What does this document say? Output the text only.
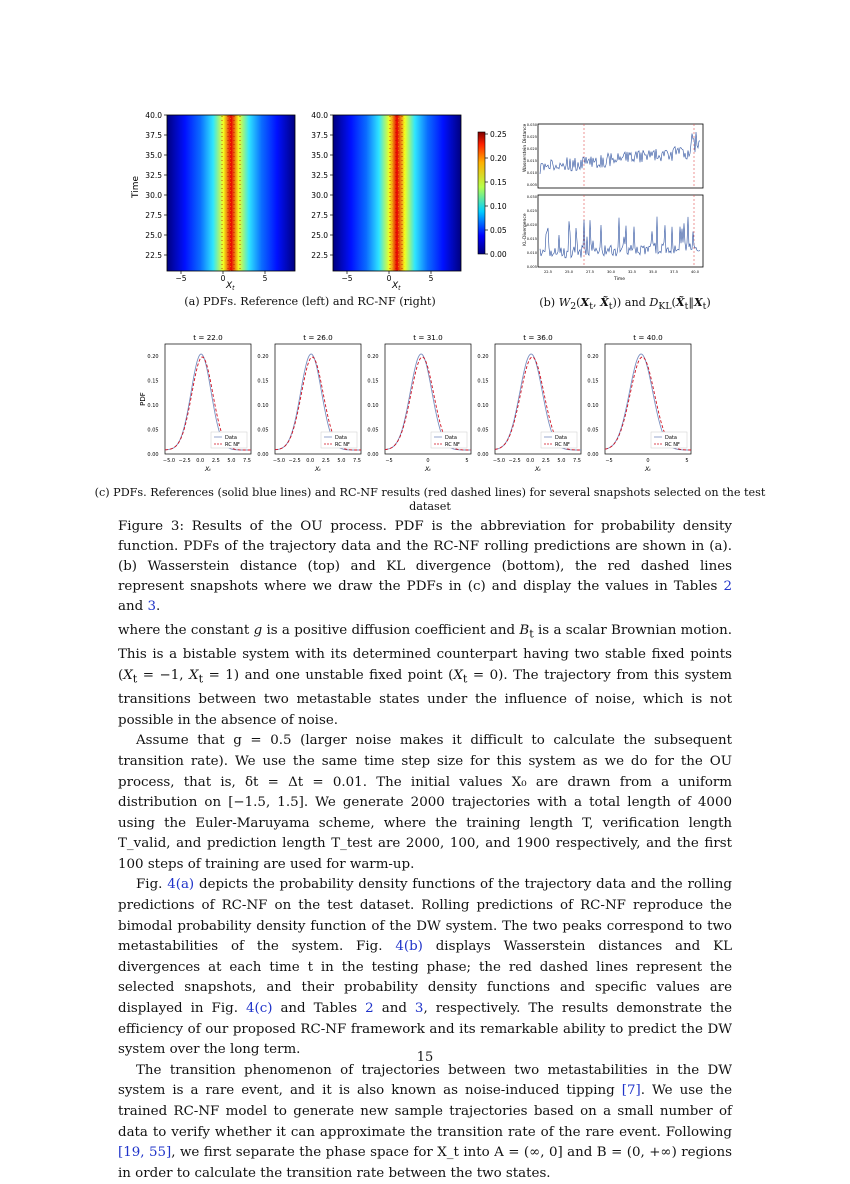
40.0
37.5
35.0
32.5
30.0
27.5
25.0
22.5
−5	0	5
40.0
37.5
35.0
32.5
30.0
27.5
25.0
22.5
−5	0	5
0.25
0.20
0.15
0.10
0.05
0.00
Time
$X_t$	$X_t$
0.030
0.025
0.020
0.015
0.010
0.005
0.030
0.025
0.020
0.015
0.010
0.005
22.5	25.0	27.5	30.0	32.5	35.0	37.5	40.0
Wasserstein Distance
KL-Divergence
Time
(a) PDFs. Reference (left) and RC-NF (right)	(b) $W_2(X_t$, $X̃_t$)) and $D_{KL}(X̃_t‖X_t)$
t = 22.0
0.20
0.15
0.10
0.05
0.00
−5.0 −2.5 0.0 2.5 5.0 7.5
Xₜ
Data
RC NF
t = 26.0
0.20
0.15
0.10
0.05
0.00
−5.0 −2.5 0.0 2.5 5.0 7.5
Xₜ
Data
RC NF
t = 31.0
0.20
0.15
0.10
0.05
0.00
−5	0	5
Xₜ
Data
RC NF
t = 36.0
0.20
0.15
0.10
0.05
0.00
−5.0 −2.5 0.0 2.5 5.0 7.5
Xₜ
Data
RC NF
t = 40.0
0.20
0.15
0.10
0.05
0.00
−5	0	5
Xₜ
Data
RC NF
PDF
(c) PDFs. References (solid blue lines) and RC-NF results (red dashed lines) for several snapshots selected on the test dataset
Figure 3: Results of the OU process. PDF is the abbreviation for probability density function. PDFs of the trajectory data and the RC-NF rolling predictions are shown in (a). (b) Wasserstein distance (top) and KL divergence (bottom), the red dashed lines represent snapshots where we draw the PDFs in (c) and display the values in Tables 2 and 3.
where the constant g is a positive diffusion coefficient and $B_t$ is a scalar Brownian motion. This is a bistable system with its determined counterpart having two stable fixed points ($X_t = -1$, $X_t = 1$) and one unstable fixed point $(X_t = 0)$. The trajectory from this system transitions between two metastable states under the influence of noise, which is not possible in the absence of noise.
Assume that g = 0.5 (larger noise makes it difficult to calculate the subsequent transition rate). We use the same time step size for this system as we do for the OU process, that is, δt = Δt = 0.01. The initial values X₀ are drawn from a uniform distribution on [−1.5, 1.5]. We generate 2000 trajectories with a total length of 4000 using the Euler-Maruyama scheme, where the training length T, verification length T_valid, and prediction length T_test are 2000, 100, and 1900 respectively, and the first 100 steps of training are used for warm-up.
Fig. 4(a) depicts the probability density functions of the trajectory data and the rolling predictions of RC-NF on the test dataset. Rolling predictions of RC-NF reproduce the bimodal probability density function of the DW system. The two peaks correspond to two metastabilities of the system. Fig. 4(b) displays Wasserstein distances and KL divergences at each time t in the testing phase; the red dashed lines represent the selected snapshots, and their probability density functions and specific values are displayed in Fig. 4(c) and Tables 2 and 3, respectively. The results demonstrate the efficiency of our proposed RC-NF framework and its remarkable ability to predict the DW system over the long term.
The transition phenomenon of trajectories between two metastabilities in the DW system is a rare event, and it is also known as noise-induced tipping [7]. We use the trained RC-NF model to generate new sample trajectories based on a small number of data to verify whether it can approximate the transition rate of the rare event. Following [19, 55], we first separate the phase space for X_t into A = (∞, 0] and B = (0, +∞) regions in order to calculate the transition rate between the two states.
15
